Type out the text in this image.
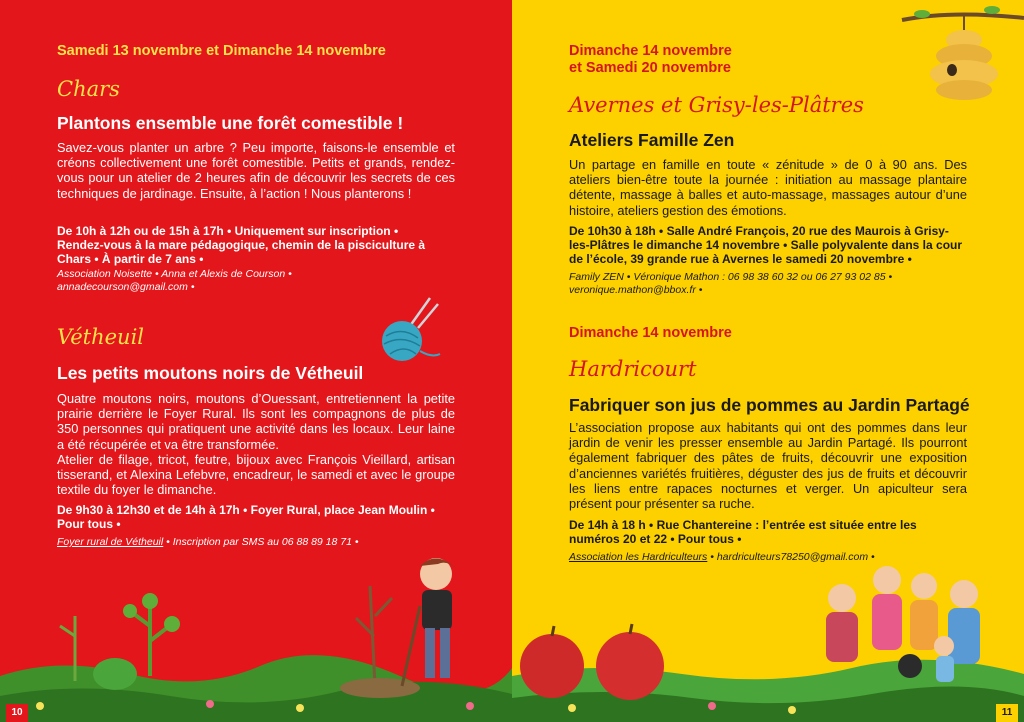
Samedi 13 novembre et Dimanche 14 novembre
Chars
Plantons ensemble une forêt comestible !
Savez-vous planter un arbre ? Peu importe, faisons-le ensemble et créons collectivement une forêt comestible. Petits et grands, rendez-vous pour un atelier de 2 heures afin de découvrir les secrets de ces techniques de jardinage. Ensuite, à l’action ! Nous planterons !
De 10h à 12h ou de 15h à 17h • Uniquement sur inscription • Rendez-vous à la mare pédagogique, chemin de la pisciculture à Chars • À partir de 7 ans •
Association Noisette • Anna et Alexis de Courson • annadecourson@gmail.com •
Vétheuil
Les petits moutons noirs de Vétheuil
Quatre moutons noirs, moutons d’Ouessant, entretiennent la petite prairie derrière le Foyer Rural. Ils sont les compagnons de plus de 350 personnes qui pratiquent une activité dans les locaux. Leur laine a été récupérée et va être transformée.
Atelier de filage, tricot, feutre, bijoux avec François Vieillard, artisan tisserand, et Alexina Lefebvre, encadreur, le samedi et avec le groupe textile du foyer le dimanche.
De 9h30 à 12h30 et de 14h à 17h • Foyer Rural, place Jean Moulin • Pour tous •
Foyer rural de Vétheuil • Inscription par SMS au 06 88 89 18 71 •
10
Dimanche 14 novembre
et Samedi 20 novembre
Avernes et Grisy-les-Plâtres
Ateliers Famille Zen
Un partage en famille en toute « zénitude » de 0 à 90 ans. Des ateliers bien-être toute la journée : initiation au massage plantaire détente, massage à balles et auto-massage, massages autour d’une histoire, ateliers gestion des émotions.
De 10h30 à 18h • Salle André François, 20 rue des Maurois à Grisy-les-Plâtres le dimanche 14 novembre • Salle polyvalente dans la cour de l’école, 39 grande rue à Avernes le samedi 20 novembre •
Family ZEN • Véronique Mathon : 06 98 38 60 32 ou 06 27 93 02 85 • veronique.mathon@bbox.fr •
Dimanche 14 novembre
Hardricourt
Fabriquer son jus de pommes au Jardin Partagé
L’association propose aux habitants qui ont des pommes dans leur jardin de venir les presser ensemble au Jardin Partagé. Ils pourront également fabriquer des pâtes de fruits, découvrir une exposition d’anciennes variétés fruitières, déguster des jus de fruits et découvrir les liens entre rapaces nocturnes et verger. Un apiculteur sera présent pour présenter sa ruche.
De 14h à 18 h • Rue Chantereine : l’entrée est située entre les numéros 20 et 22 • Pour tous •
Association les Hardriculteurs • hardriculteurs78250@gmail.com •
11
